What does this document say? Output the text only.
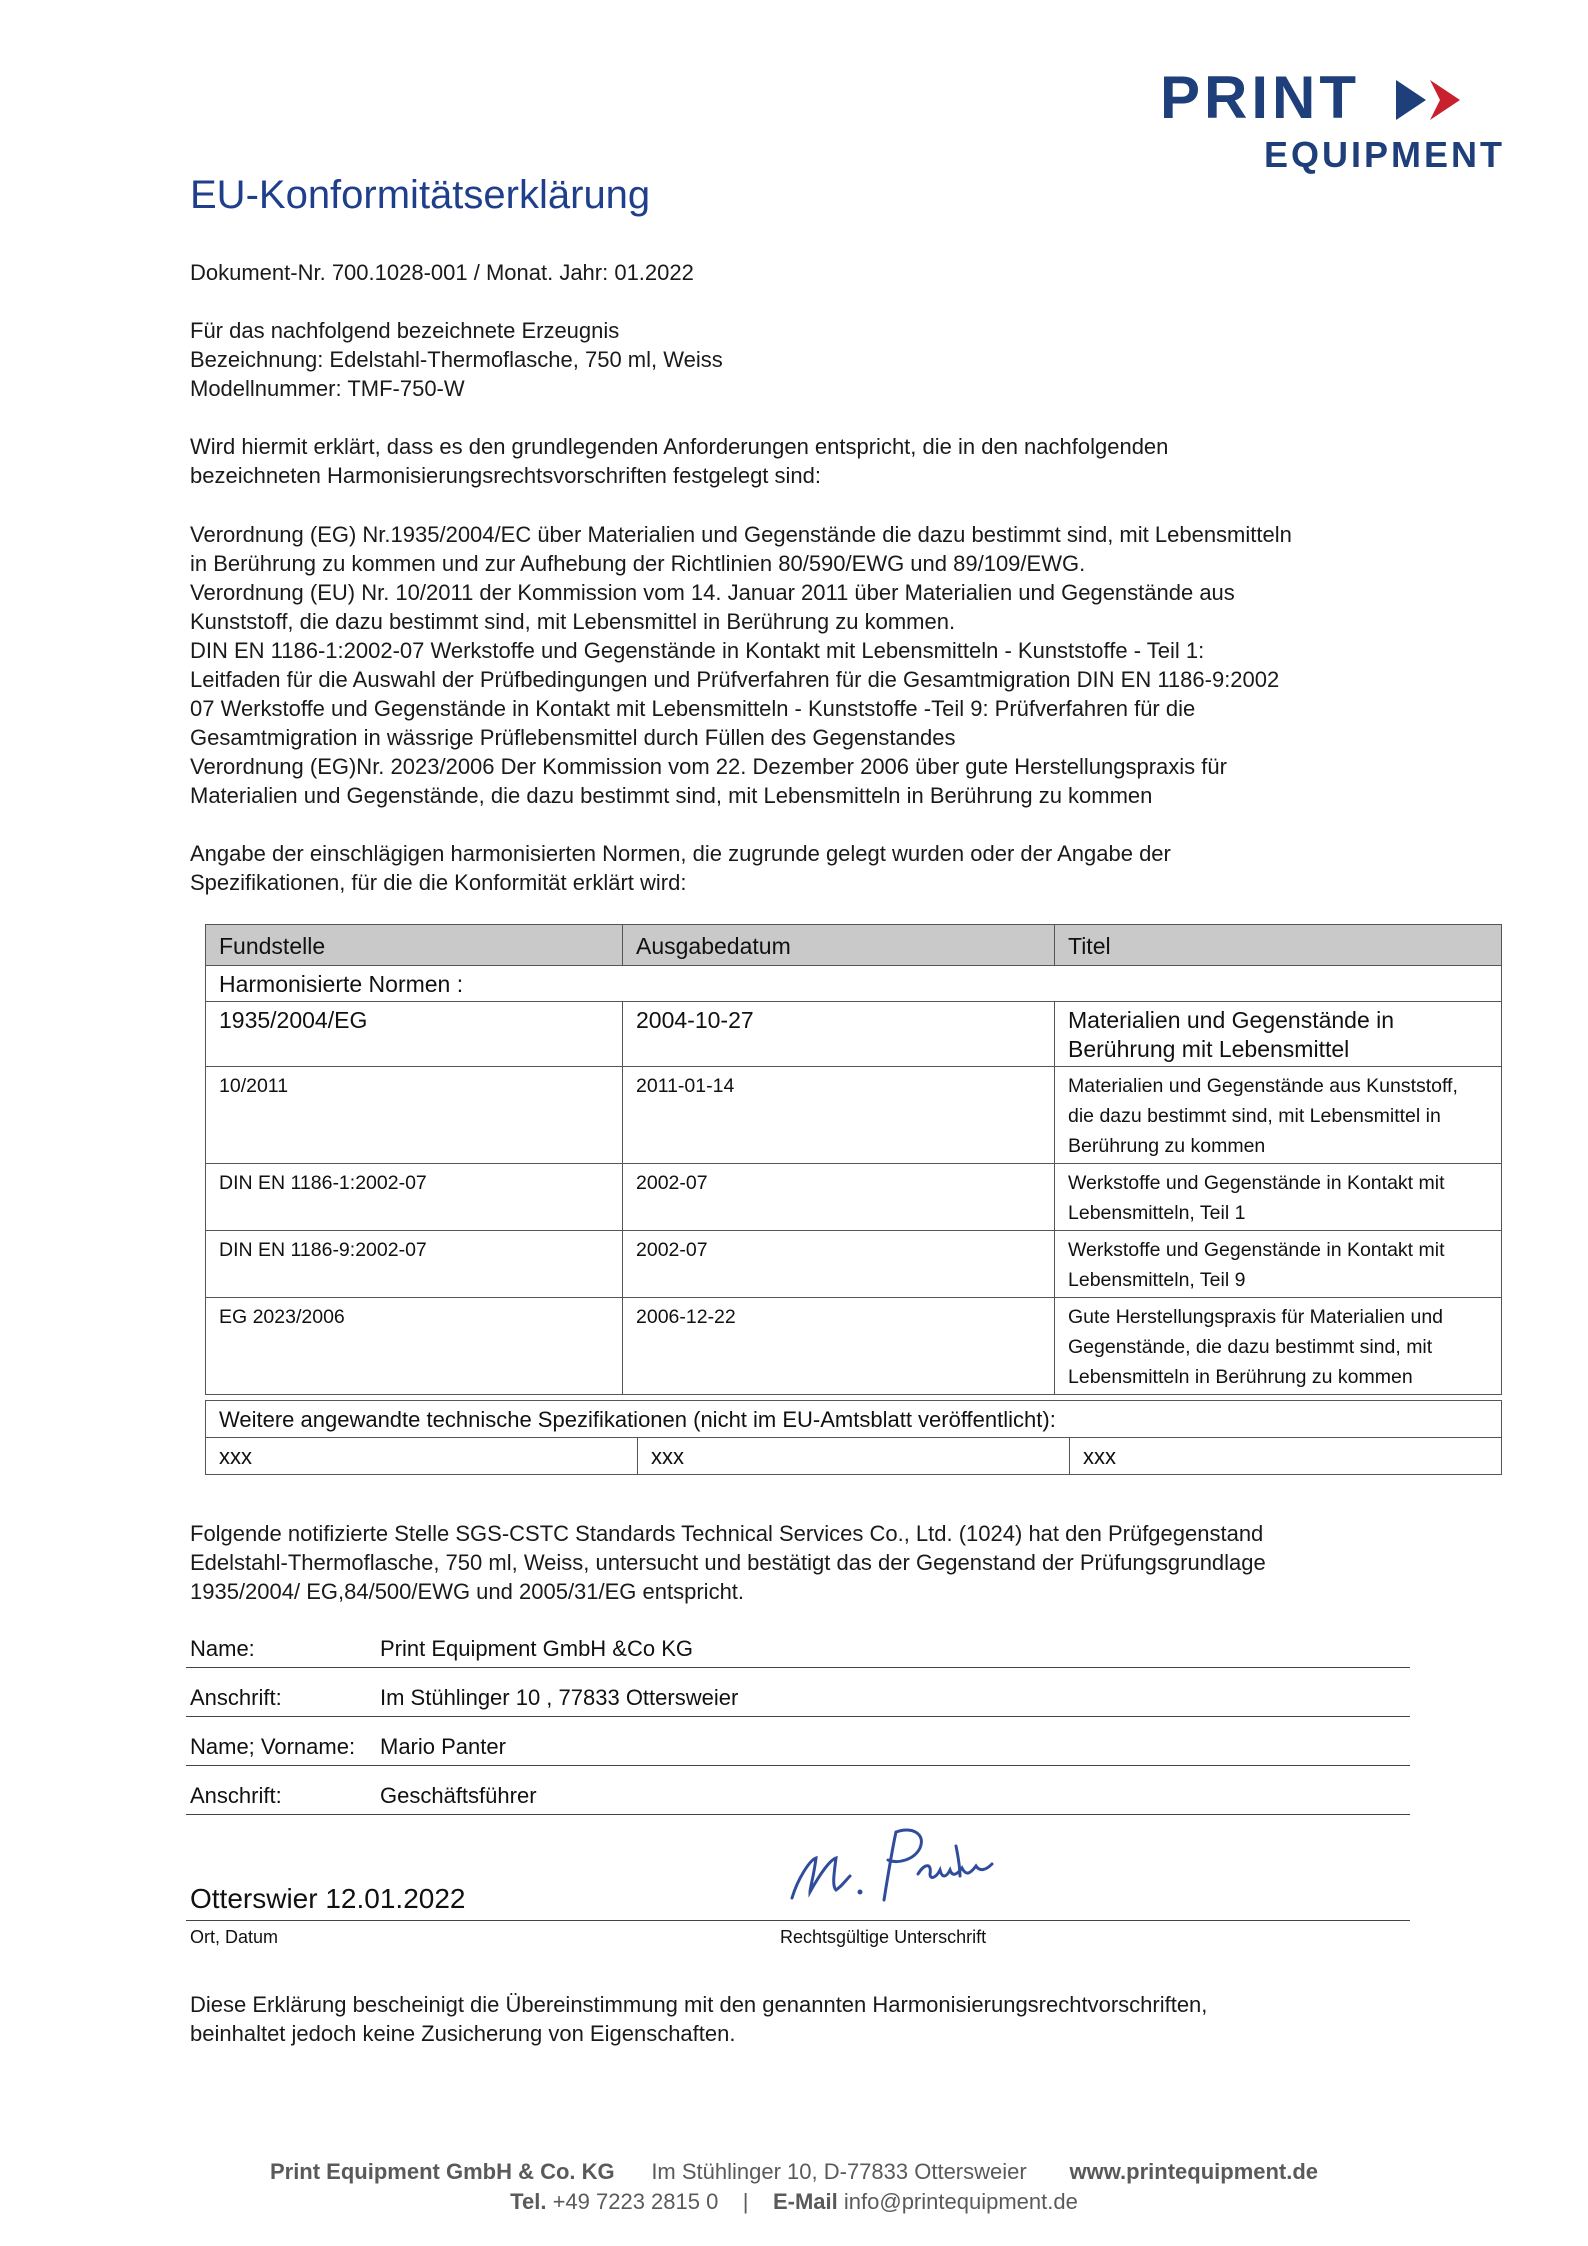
PRINT
EQUIPMENT
EU-Konformitätserklärung
Dokument-Nr. 700.1028-001 / Monat. Jahr: 01.2022
Für das nachfolgend bezeichnete Erzeugnis
Bezeichnung: Edelstahl-Thermoflasche, 750 ml, Weiss
Modellnummer: TMF-750-W
Wird hiermit erklärt, dass es den grundlegenden Anforderungen entspricht, die in den nachfolgenden
bezeichneten Harmonisierungsrechtsvorschriften festgelegt sind:
Verordnung (EG) Nr.1935/2004/EC über Materialien und Gegenstände die dazu bestimmt sind, mit Lebensmitteln
in Berührung zu kommen und zur Aufhebung der Richtlinien 80/590/EWG und 89/109/EWG.
Verordnung (EU) Nr. 10/2011 der Kommission vom 14. Januar 2011 über Materialien und Gegenstände aus
Kunststoff, die dazu bestimmt sind, mit Lebensmittel in Berührung zu kommen.
DIN EN 1186-1:2002-07 Werkstoffe und Gegenstände in Kontakt mit Lebensmitteln - Kunststoffe - Teil 1:
Leitfaden für die Auswahl der Prüfbedingungen und Prüfverfahren für die Gesamtmigration DIN EN 1186-9:2002
07 Werkstoffe und Gegenstände in Kontakt mit Lebensmitteln - Kunststoffe -Teil 9: Prüfverfahren für die
Gesamtmigration in wässrige Prüflebensmittel durch Füllen des Gegenstandes
Verordnung (EG)Nr. 2023/2006 Der Kommission vom 22. Dezember 2006 über gute Herstellungspraxis für
Materialien und Gegenstände, die dazu bestimmt sind, mit Lebensmitteln in Berührung zu kommen
Angabe der einschlägigen harmonisierten Normen, die zugrunde gelegt wurden oder der Angabe der
Spezifikationen, für die die Konformität erklärt wird:
Fundstelle	Ausgabedatum	Titel
Harmonisierte Normen :		
1935/2004/EG	2004-10-27	Materialien und Gegenstände in Berührung mit Lebensmittel
10/2011	2011-01-14	Materialien und Gegenstände aus Kunststoff, die dazu bestimmt sind, mit Lebensmittel in Berührung zu kommen
DIN EN 1186-1:2002-07	2002-07	Werkstoffe und Gegenstände in Kontakt mit Lebensmitteln, Teil 1
DIN EN 1186-9:2002-07	2002-07	Werkstoffe und Gegenstände in Kontakt mit Lebensmitteln, Teil 9
EG 2023/2006	2006-12-22	Gute Herstellungspraxis für Materialien und Gegenstände, die dazu bestimmt sind, mit Lebensmitteln in Berührung zu kommen
Weitere angewandte technische Spezifikationen (nicht im EU-Amtsblatt veröffentlicht):
xxx	xxx	xxx
Folgende notifizierte Stelle SGS-CSTC Standards Technical Services Co., Ltd. (1024) hat den Prüfgegenstand
Edelstahl-Thermoflasche, 750 ml, Weiss, untersucht und bestätigt das der Gegenstand der Prüfungsgrundlage
1935/2004/ EG,84/500/EWG und 2005/31/EG entspricht.
Name:	Print Equipment GmbH &Co KG
Anschrift:	Im Stühlinger 10 , 77833 Ottersweier
Name; Vorname: Mario Panter
Anschrift:	Geschäftsführer
Otterswier 12.01.2022
Ort, Datum	Rechtsgültige Unterschrift
Diese Erklärung bescheinigt die Übereinstimmung mit den genannten Harmonisierungsrechtvorschriften,
beinhaltet jedoch keine Zusicherung von Eigenschaften.
Print Equipment GmbH & Co. KG Im Stühlinger 10, D-77833 Ottersweier www.printequipment.de
Tel. +49 7223 2815 0 | E-Mail info@printequipment.de
